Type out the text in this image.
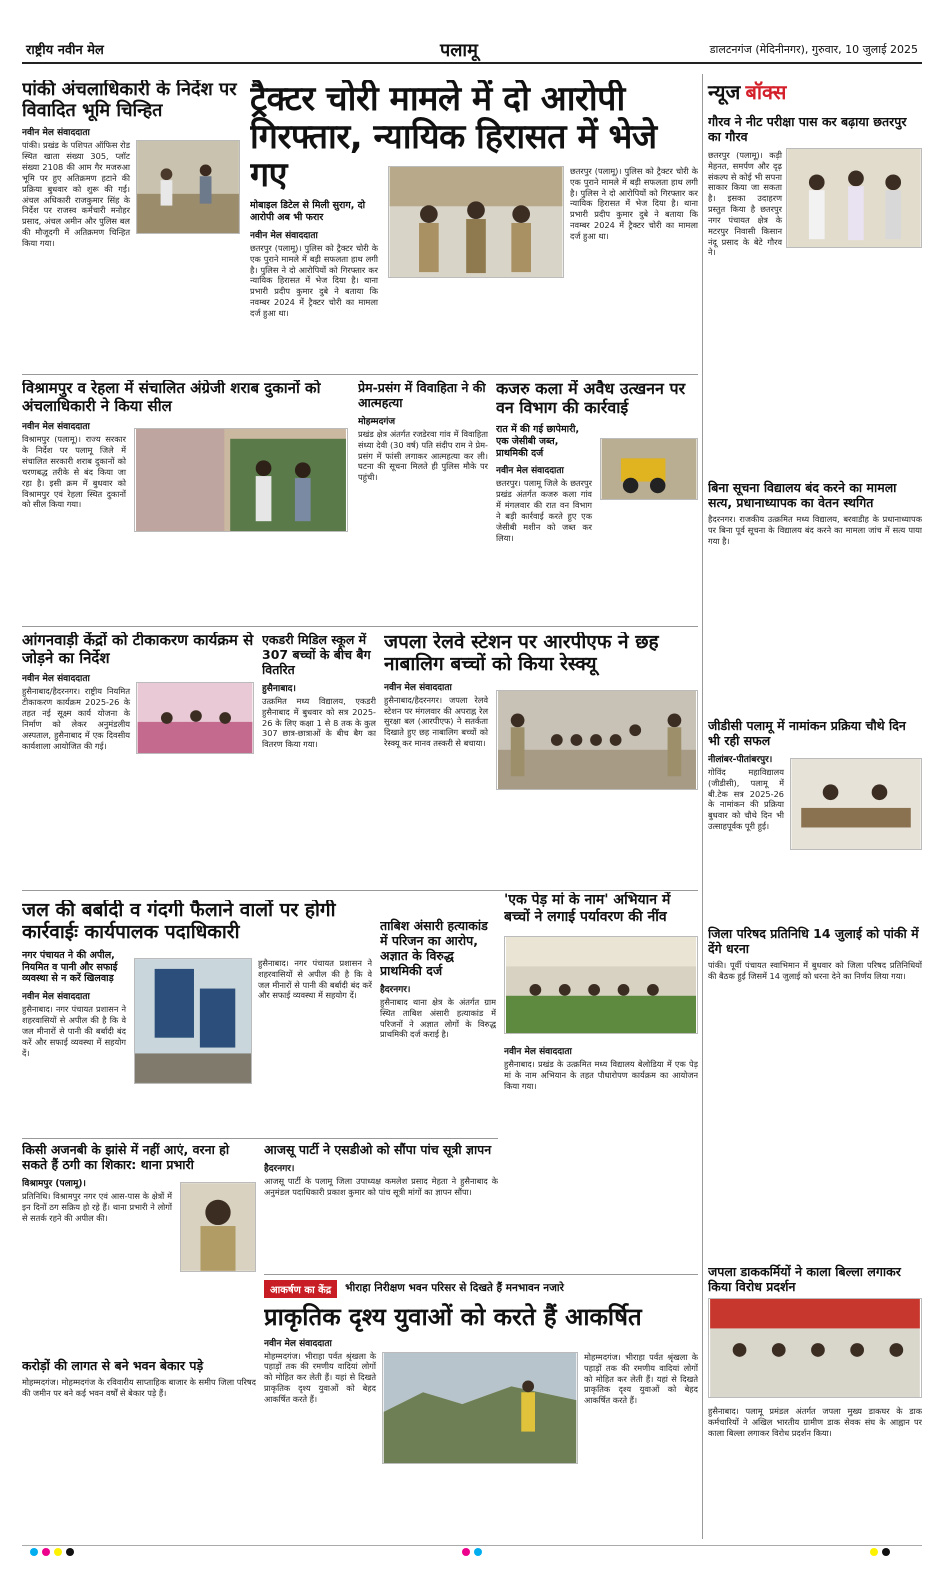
राष्ट्रीय नवीन मेल	पलामू	डालटनगंज (मेदिनीनगर), गुरुवार, 10 जुलाई 2025
पांकी अंचलाधिकारी के निर्देश पर विवादित भूमि चिन्हित
नवीन मेल संवाददाता
पांकी। प्रखंड के पशिपत ऑफिस रोड स्थित खाता संख्या 305, प्लॉट संख्या 2108 की आम गैर मजरुआ भूमि पर हुए अतिक्रमण हटाने की प्रक्रिया बुधवार को शुरू की गई। अंचल अधिकारी राजकुमार सिंह के निर्देश पर राजस्व कर्मचारी मनोहर प्रसाद, अंचल अमीन और पुलिस बल की मौजूदगी में अतिक्रमण चिन्हित किया गया।
ट्रैक्टर चोरी मामले में दो आरोपी गिरफ्तार, न्यायिक हिरासत में भेजे गए
मोबाइल डिटेल से मिली सुराग, दो आरोपी अब भी फरार
नवीन मेल संवाददाता
छतरपुर (पलामू)। पुलिस को ट्रैक्टर चोरी के एक पुराने मामले में बड़ी सफलता हाथ लगी है। पुलिस ने दो आरोपियों को गिरफ्तार कर न्यायिक हिरासत में भेज दिया है। थाना प्रभारी प्रदीप कुमार दुबे ने बताया कि नवम्बर 2024 में ट्रैक्टर चोरी का मामला दर्ज हुआ था।
छतरपुर (पलामू)। पुलिस को ट्रैक्टर चोरी के एक पुराने मामले में बड़ी सफलता हाथ लगी है। पुलिस ने दो आरोपियों को गिरफ्तार कर न्यायिक हिरासत में भेज दिया है। थाना प्रभारी प्रदीप कुमार दुबे ने बताया कि नवम्बर 2024 में ट्रैक्टर चोरी का मामला दर्ज हुआ था।
न्यूज बॉक्स
गौरव ने नीट परीक्षा पास कर बढ़ाया छतरपुर का गौरव
छतरपुर (पलामू)। कड़ी मेहनत, समर्पण और दृढ़ संकल्प से कोई भी सपना साकार किया जा सकता है। इसका उदाहरण प्रस्तुत किया है छतरपुर नगर पंचायत क्षेत्र के मटरपुर निवासी किसान नंदू प्रसाद के बेटे गौरव ने।
विश्रामपुर व रेहला में संचालित अंग्रेजी शराब दुकानों को अंचलाधिकारी ने किया सील
नवीन मेल संवाददाता
विश्रामपुर (पलामू)। राज्य सरकार के निर्देश पर पलामू जिले में संचालित सरकारी शराब दुकानों को चरणबद्ध तरीके से बंद किया जा रहा है। इसी क्रम में बुधवार को विश्रामपुर एवं रेहला स्थित दुकानों को सील किया गया।
प्रेम-प्रसंग में विवाहिता ने की आत्महत्या
मोहम्मदगंज
प्रखंड क्षेत्र अंतर्गत रजडेरवा गांव में विवाहिता संध्या देवी (30 वर्ष) पति संदीप राम ने प्रेम-प्रसंग में फांसी लगाकर आत्महत्या कर ली। घटना की सूचना मिलते ही पुलिस मौके पर पहुंची।
कजरु कला में अवैध उत्खनन पर वन विभाग की कार्रवाई
रात में की गई छापेमारी, एक जेसीबी जब्त, प्राथमिकी दर्ज
नवीन मेल संवाददाता
छतरपुर। पलामू जिले के छतरपुर प्रखंड अंतर्गत कजरु कला गांव में मंगलवार की रात वन विभाग ने बड़ी कार्रवाई करते हुए एक जेसीबी मशीन को जब्त कर लिया।
बिना सूचना विद्यालय बंद करने का मामला सत्य, प्रधानाध्यापक का वेतन स्थगित
हैदरनगर। राजकीय उत्क्रमित मध्य विद्यालय, बरवाडीह के प्रधानाध्यापक पर बिना पूर्व सूचना के विद्यालय बंद करने का मामला जांच में सत्य पाया गया है।
आंगनवाड़ी केंद्रों को टीकाकरण कार्यक्रम से जोड़ने का निर्देश
नवीन मेल संवाददाता
हुसैनाबाद/हैदरनगर। राष्ट्रीय नियमित टीकाकरण कार्यक्रम 2025-26 के तहत नई सूक्ष्म कार्य योजना के निर्माण को लेकर अनुमंडलीय अस्पताल, हुसैनाबाद में एक दिवसीय कार्यशाला आयोजित की गई।
एकडरी मिडिल स्कूल में 307 बच्चों के बीच बैग वितरित
हुसैनाबाद।
उत्क्रमित मध्य विद्यालय, एकडरी हुसैनाबाद में बुधवार को सत्र 2025-26 के लिए कक्षा 1 से 8 तक के कुल 307 छात्र-छात्राओं के बीच बैग का वितरण किया गया।
जपला रेलवे स्टेशन पर आरपीएफ ने छह नाबालिग बच्चों को किया रेस्क्यू
नवीन मेल संवाददाता
हुसैनाबाद/हैदरनगर। जपला रेलवे स्टेशन पर मंगलवार की अपराह्न रेल सुरक्षा बल (आरपीएफ) ने सतर्कता दिखाते हुए छह नाबालिग बच्चों को रेस्क्यू कर मानव तस्करी से बचाया।
जीडीसी पलामू में नामांकन प्रक्रिया चौथे दिन भी रही सफल
नीलांबर-पीतांबरपुर।
गोविंद महाविद्यालय (जीडीसी), पलामू में बी.टेक सत्र 2025-26 के नामांकन की प्रक्रिया बुधवार को चौथे दिन भी उत्साहपूर्वक पूरी हुई।
जल की बर्बादी व गंदगी फैलाने वालों पर होगी कार्रवाईः कार्यपालक पदाधिकारी
नगर पंचायत ने की अपील, नियमित व पानी और सफाई व्यवस्था से न करें खिलवाड़
नवीन मेल संवाददाता
हुसैनाबाद। नगर पंचायत प्रशासन ने शहरवासियों से अपील की है कि वे जल मीनारों से पानी की बर्बादी बंद करें और सफाई व्यवस्था में सहयोग दें।
हुसैनाबाद। नगर पंचायत प्रशासन ने शहरवासियों से अपील की है कि वे जल मीनारों से पानी की बर्बादी बंद करें और सफाई व्यवस्था में सहयोग दें।
ताबिश अंसारी हत्याकांड में परिजन का आरोप, अज्ञात के विरुद्ध प्राथमिकी दर्ज
हैदरनगर।
हुसैनाबाद थाना क्षेत्र के अंतर्गत ग्राम स्थित ताबिश अंसारी हत्याकांड में परिजनों ने अज्ञात लोगों के विरुद्ध प्राथमिकी दर्ज कराई है।
'एक पेड़ मां के नाम' अभियान में बच्चों ने लगाई पर्यावरण की नींव
नवीन मेल संवाददाता
हुसैनाबाद। प्रखंड के उत्क्रमित मध्य विद्यालय बेलोडिया में एक पेड़ मां के नाम अभियान के तहत पौधारोपण कार्यक्रम का आयोजन किया गया।
जिला परिषद प्रतिनिधि 14 जुलाई को पांकी में देंगे धरना
पांकी। पूर्वी पंचायत स्वाभिमान में बुधवार को जिला परिषद प्रतिनिधियों की बैठक हुई जिसमें 14 जुलाई को धरना देने का निर्णय लिया गया।
किसी अजनबी के झांसे में नहीं आएं, वरना हो सकते हैं ठगी का शिकार: थाना प्रभारी
विश्रामपुर (पलामू)।
प्रतिनिधि। विश्रामपुर नगर एवं आस-पास के क्षेत्रों में इन दिनों ठग सक्रिय हो रहे हैं। थाना प्रभारी ने लोगों से सतर्क रहने की अपील की।
आजसू पार्टी ने एसडीओ को सौंपा पांच सूत्री ज्ञापन
हैदरनगर।
आजसू पार्टी के पलामू जिला उपाध्यक्ष कमलेश प्रसाद मेहता ने हुसैनाबाद के अनुमंडल पदाधिकारी प्रकाश कुमार को पांच सूत्री मांगों का ज्ञापन सौंपा।
करोड़ों की लागत से बने भवन बेकार पड़े
मोहम्मदगंज। मोहम्मदगंज के रविवारीय साप्ताहिक बाजार के समीप जिला परिषद की जमीन पर बने कई भवन वर्षों से बेकार पड़े हैं।
आकर्षण का केंद्र	भीराहा निरीक्षण भवन परिसर से दिखते हैं मनभावन नजारे
प्राकृतिक दृश्य युवाओं को करते हैं आकर्षित
नवीन मेल संवाददाता
मोहम्मदगंज। भीराहा पर्वत श्रृंखला के पहाड़ों तक की रमणीय वादियां लोगों को मोहित कर लेती हैं। यहां से दिखते प्राकृतिक दृश्य युवाओं को बेहद आकर्षित करते हैं।
मोहम्मदगंज। भीराहा पर्वत श्रृंखला के पहाड़ों तक की रमणीय वादियां लोगों को मोहित कर लेती हैं। यहां से दिखते प्राकृतिक दृश्य युवाओं को बेहद आकर्षित करते हैं।
जपला डाककर्मियों ने काला बिल्ला लगाकर किया विरोध प्रदर्शन
हुसैनाबाद। पलामू प्रमंडल अंतर्गत जपला मुख्य डाकघर के डाक कर्मचारियों ने अखिल भारतीय ग्रामीण डाक सेवक संघ के आह्वान पर काला बिल्ला लगाकर विरोध प्रदर्शन किया।
